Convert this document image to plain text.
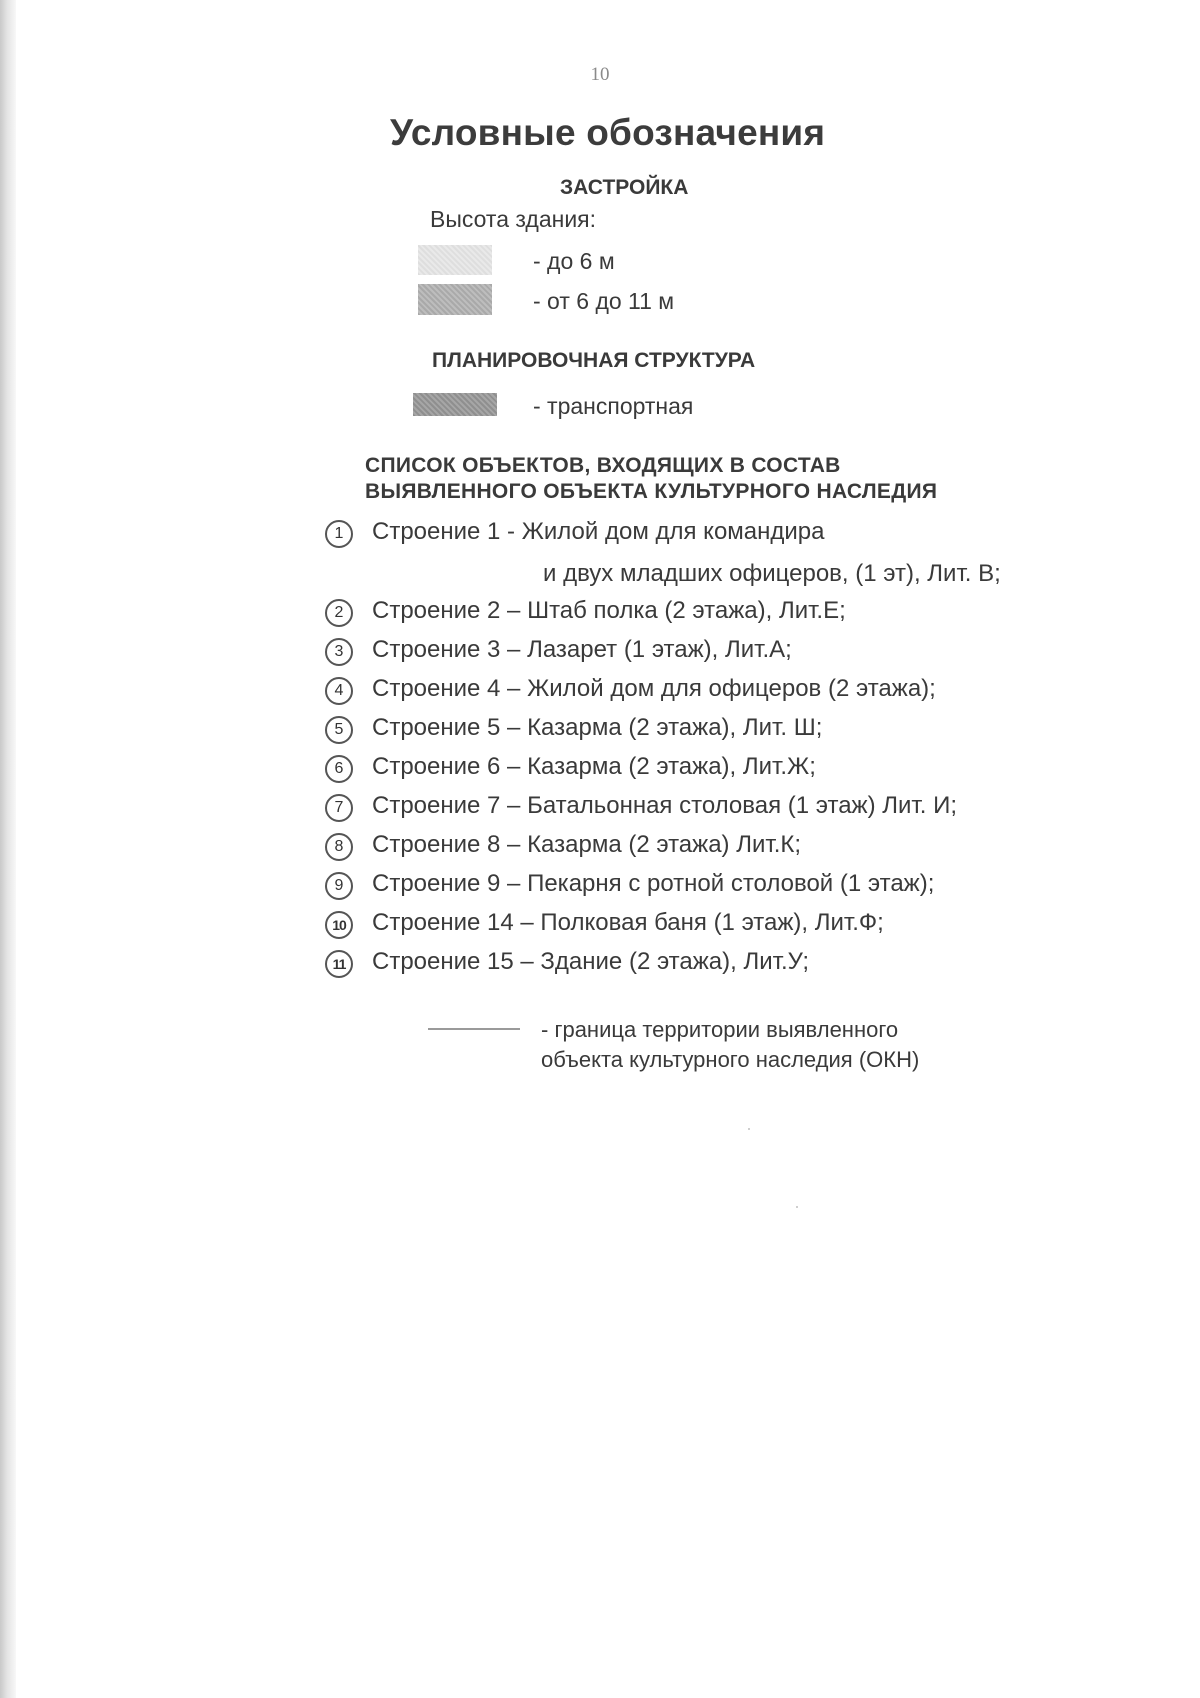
10
Условные обозначения
ЗАСТРОЙКА
Высота здания:
- до 6 м
- от 6 до 11 м
ПЛАНИРОВОЧНАЯ СТРУКТУРА
- транспортная
СПИСОК ОБЪЕКТОВ, ВХОДЯЩИХ В СОСТАВ
ВЫЯВЛЕННОГО ОБЪЕКТА КУЛЬТУРНОГО НАСЛЕДИЯ
1	Строение 1 - Жилой дом для командира
и двух младших офицеров, (1 эт), Лит. В;
2	Строение 2 – Штаб полка (2 этажа), Лит.Е;
3	Строение 3 – Лазарет (1 этаж), Лит.А;
4	Строение 4 – Жилой дом для офицеров (2 этажа);
5	Строение 5 – Казарма (2 этажа), Лит. Ш;
6	Строение 6 – Казарма (2 этажа), Лит.Ж;
7	Строение 7 – Батальонная столовая (1 этаж) Лит. И;
8	Строение 8 – Казарма (2 этажа) Лит.К;
9	Строение 9 – Пекарня с ротной столовой (1 этаж);
10	Строение 14 – Полковая баня (1 этаж), Лит.Ф;
11	Строение 15 – Здание (2 этажа), Лит.У;
- граница территории выявленного
объекта культурного наследия (ОКН)
